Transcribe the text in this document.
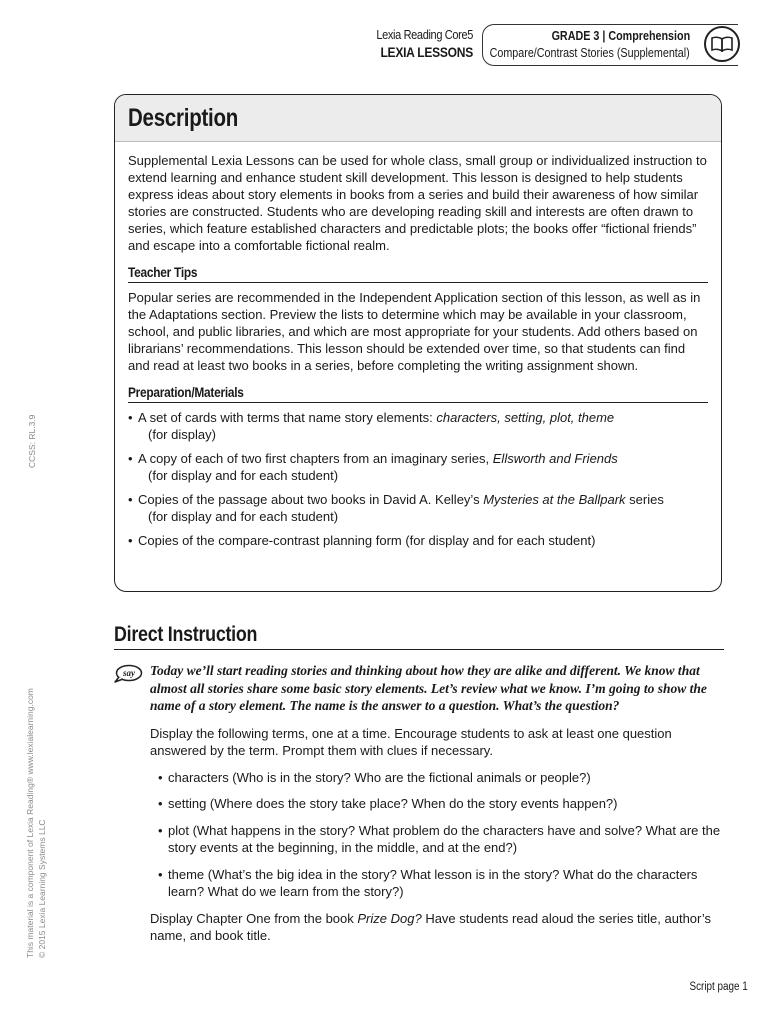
Lexia Reading Core5
LEXIA LESSONS
GRADE 3 | Comprehension
Compare/Contrast Stories (Supplemental)
CCSS: RL.3.9
This material is a component of Lexia Reading® www.lexialearning.com © 2015 Lexia Learning Systems LLC
Description

Supplemental Lexia Lessons can be used for whole class, small group or individualized instruction to extend learning and enhance student skill development. This lesson is designed to help students express ideas about story elements in books from a series and build their awareness of how similar stories are constructed. Students who are developing reading skill and interests are often drawn to series, which feature established characters and predictable plots; the books offer “fictional friends” and escape into a comfortable fictional realm.

Teacher Tips

Popular series are recommended in the Independent Application section of this lesson, as well as in the Adaptations section. Preview the lists to determine which may be available in your classroom, school, and public libraries, and which are most appropriate for your students. Add others based on librarians’ recommendations. This lesson should be extended over time, so that students can find and read at least two books in a series, before completing the writing assignment shown.

Preparation/Materials
• A set of cards with terms that name story elements: characters, setting, plot, theme
(for display)
• A copy of each of two first chapters from an imaginary series, Ellsworth and Friends
(for display and for each student)
• Copies of the passage about two books in David A. Kelley’s Mysteries at the Ballpark series
(for display and for each student)
• Copies of the compare-contrast planning form (for display and for each student)
Direct Instruction
say Today we’ll start reading stories and thinking about how they are alike and different. We know that almost all stories share some basic story elements. Let’s review what we know. I’m going to show the name of a story element. The name is the answer to a question. What’s the question?

Display the following terms, one at a time. Encourage students to ask at least one question answered by the term. Prompt them with clues if necessary.

• characters (Who is in the story? Who are the fictional animals or people?)
• setting (Where does the story take place? When do the story events happen?)
• plot (What happens in the story? What problem do the characters have and solve? What are the story events at the beginning, in the middle, and at the end?)
• theme (What’s the big idea in the story? What lesson is in the story? What do the characters learn? What do we learn from the story?)

Display Chapter One from the book Prize Dog? Have students read aloud the series title, author’s name, and book title.

Script page 1
